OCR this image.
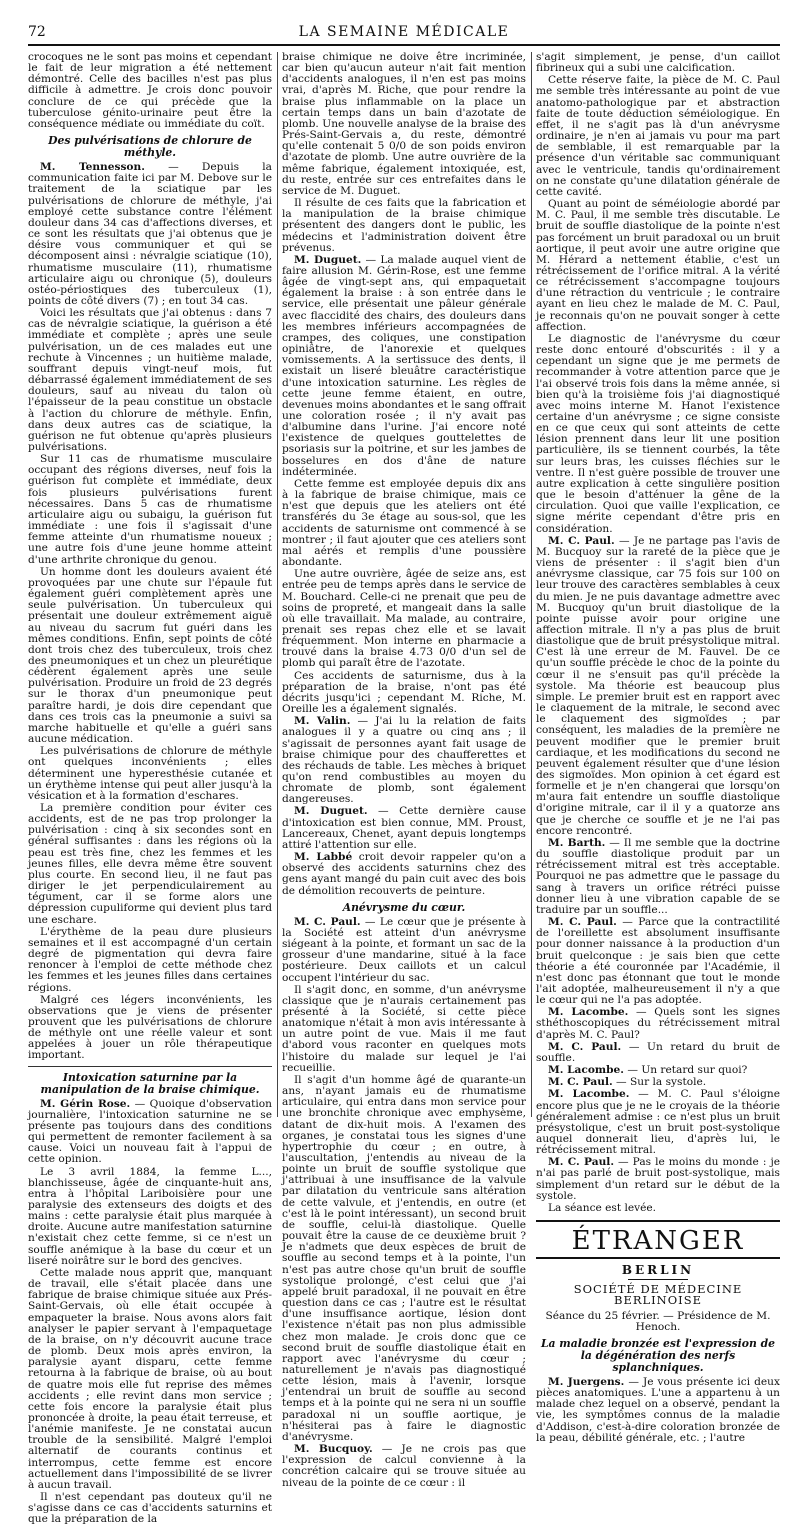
72	LA SEMAINE MÉDICALE

crocoques ne le sont pas moins et cependant le fait de leur migration a été nettement démontré. Celle des bacilles n'est pas plus difficile à admettre. Je crois donc pouvoir conclure de ce qui précède que la tuberculose génito-urinaire peut être la conséquence médiate ou immédiate du coït.

Des pulvérisations de chlorure de méthyle.

M. Tennesson. — Depuis la communication faite ici par M. Debove sur le traitement de la sciatique par les pulvérisations de chlorure de méthyle, j'ai employé cette substance contre l'élément douleur dans 34 cas d'affections diverses, et ce sont les résultats que j'ai obtenus que je désire vous communiquer et qui se décomposent ainsi : névralgie sciatique (10), rhumatisme musculaire (11), rhumatisme articulaire aigu ou chronique (5), douleurs ostéo-périostiques des tuberculeux (1), points de côté divers (7) ; en tout 34 cas.

Voici les résultats que j'ai obtenus : dans 7 cas de névralgie sciatique, la guérison a été immédiate et complète ; après une seule pulvérisation, un de ces malades eut une rechute à Vincennes ; un huitième malade, souffrant depuis vingt-neuf mois, fut débarrassé également immédiatement de ses douleurs, sauf au niveau du talon où l'épaisseur de la peau constitue un obstacle à l'action du chlorure de méthyle. Enfin, dans deux autres cas de sciatique, la guérison ne fut obtenue qu'après plusieurs pulvérisations.

Sur 11 cas de rhumatisme musculaire occupant des régions diverses, neuf fois la guérison fut complète et immédiate, deux fois plusieurs pulvérisations furent nécessaires. Dans 5 cas de rhumatisme articulaire aigu ou subaigu, la guérison fut immédiate : une fois il s'agissait d'une femme atteinte d'un rhumatisme noueux ; une autre fois d'une jeune homme atteint d'une arthrite chronique du genou.

Un homme dont les douleurs avaient été provoquées par une chute sur l'épaule fut également guéri complètement après une seule pulvérisation. Un tuberculeux qui présentait une douleur extrêmement aiguë au niveau du sacrum fut guéri dans les mêmes conditions. Enfin, sept points de côté dont trois chez des tuberculeux, trois chez des pneumoniques et un chez un pleurétique cédèrent également après une seule pulvérisation. Produire un froid de 23 degrés sur le thorax d'un pneumonique peut paraître hardi, je dois dire cependant que dans ces trois cas la pneumonie a suivi sa marche habituelle et qu'elle a guéri sans aucune médication.

Les pulvérisations de chlorure de méthyle ont quelques inconvénients ; elles déterminent une hyperesthésie cutanée et un érythème intense qui peut aller jusqu'à la vésication et à la formation d'eschares.

La première condition pour éviter ces accidents, est de ne pas trop prolonger la pulvérisation : cinq à six secondes sont en général suffisantes : dans les régions où la peau est très fine, chez les femmes et les jeunes filles, elle devra même être souvent plus courte. En second lieu, il ne faut pas diriger le jet perpendiculairement au tégument, car il se forme alors une dépression cupuliforme qui devient plus tard une eschare.

L'érythème de la peau dure plusieurs semaines et il est accompagné d'un certain degré de pigmentation qui devra faire renoncer à l'emploi de cette méthode chez les femmes et les jeunes filles dans certaines régions.

Malgré ces légers inconvénients, les observations que je viens de présenter prouvent que les pulvérisations de chlorure de méthyle ont une réelle valeur et sont appelées à jouer un rôle thérapeutique important.

Intoxication saturnine par la manipulation de la braise chimique.

M. Gérin Rose. — Quoique d'observation journalière, l'intoxication saturnine ne se présente pas toujours dans des conditions qui permettent de remonter facilement à sa cause. Voici un nouveau fait à l'appui de cette opinion.

Le 3 avril 1884, la femme L..., blanchisseuse, âgée de cinquante-huit ans, entra à l'hôpital Lariboisière pour une paralysie des extenseurs des doigts et des mains : cette paralysie était plus marquée à droite. Aucune autre manifestation saturnine n'existait chez cette femme, si ce n'est un souffle anémique à la base du cœur et un liseré noirâtre sur le bord des gencives.

Cette malade nous apprit que, manquant de travail, elle s'était placée dans une fabrique de braise chimique située aux Prés-Saint-Gervais, où elle était occupée à empaqueter la braise. Nous avons alors fait analyser le papier servant à l'empaquetage de la braise, on n'y découvrit aucune trace de plomb. Deux mois après environ, la paralysie ayant disparu, cette femme retourna à la fabrique de braise, où au bout de quatre mois elle fut reprise des mêmes accidents ; elle revint dans mon service ; cette fois encore la paralysie était plus prononcée à droite, la peau était terreuse, et l'anémie manifeste. Je ne constatai aucun trouble de la sensibilité. Malgré l'emploi alternatif de courants continus et interrompus, cette femme est encore actuellement dans l'impossibilité de se livrer à aucun travail.

Il n'est cependant pas douteux qu'il ne s'agisse dans ce cas d'accidents saturnins et que la préparation de la

braise chimique ne doive être incriminée, car bien qu'aucun auteur n'ait fait mention d'accidents analogues, il n'en est pas moins vrai, d'après M. Riche, que pour rendre la braise plus inflammable on la place un certain temps dans un bain d'azotate de plomb. Une nouvelle analyse de la braise des Prés-Saint-Gervais a, du reste, démontré qu'elle contenait 5 0/0 de son poids environ d'azotate de plomb. Une autre ouvrière de la même fabrique, également intoxiquée, est, du reste, entrée sur ces entrefaites dans le service de M. Duguet.

Il résulte de ces faits que la fabrication et la manipulation de la braise chimique présentent des dangers dont le public, les médecins et l'administration doivent être prévenus.

M. Duguet. — La malade auquel vient de faire allusion M. Gérin-Rose, est une femme âgée de vingt-sept ans, qui empaquetait également la braise : à son entrée dans le service, elle présentait une pâleur générale avec flaccidité des chairs, des douleurs dans les membres inférieurs accompagnées de crampes, des coliques, une constipation opiniâtre, de l'anorexie et quelques vomissements. A la sertissuce des dents, il existait un liseré bleuâtre caractéristique d'une intoxication saturnine. Les règles de cette jeune femme étaient, en outre, devenues moins abondantes et le sang offrait une coloration rosée ; il n'y avait pas d'albumine dans l'urine. J'ai encore noté l'existence de quelques gouttelettes de psoriasis sur la poitrine, et sur les jambes de bosselures en dos d'âne de nature indéterminée.

Cette femme est employée depuis dix ans à la fabrique de braise chimique, mais ce n'est que depuis que les ateliers ont été transférés du 3e étage au sous-sol, que les accidents de saturnisme ont commencé à se montrer ; il faut ajouter que ces ateliers sont mal aérés et remplis d'une poussière abondante.

Une autre ouvrière, âgée de seize ans, est entrée peu de temps après dans le service de M. Bouchard. Celle-ci ne prenait que peu de soins de propreté, et mangeait dans la salle où elle travaillait. Ma malade, au contraire, prenait ses repas chez elle et se lavait fréquemment. Mon interne en pharmacie a trouvé dans la braise 4.73 0/0 d'un sel de plomb qui paraît être de l'azotate.

Ces accidents de saturnisme, dus à la préparation de la braise, n'ont pas été décrits jusqu'ici ; cependant M. Riche, M. Oreille les a également signalés.

M. Valin. — J'ai lu la relation de faits analogues il y a quatre ou cinq ans ; il s'agissait de personnes ayant fait usage de braise chimique pour des chaufferettes et des réchauds de table. Les mèches à briquet qu'on rend combustibles au moyen du chromate de plomb, sont également dangereuses.

M. Duguet. — Cette dernière cause d'intoxication est bien connue, MM. Proust, Lancereaux, Chenet, ayant depuis longtemps attiré l'attention sur elle.

M. Labbé croit devoir rappeler qu'on a observé des accidents saturnins chez des gens ayant mangé du pain cuit avec des bois de démolition recouverts de peinture.

Anévrysme du cœur.

M. C. Paul. — Le cœur que je présente à la Société est atteint d'un anévrysme siégeant à la pointe, et formant un sac de la grosseur d'une mandarine, situé à la face postérieure. Deux caillots et un calcul occupent l'intérieur du sac.

Il s'agit donc, en somme, d'un anévrysme classique que je n'aurais certainement pas présenté à la Société, si cette pièce anatomique n'était à mon avis intéressante à un autre point de vue. Mais il me faut d'abord vous raconter en quelques mots l'histoire du malade sur lequel je l'ai recueillie.

Il s'agit d'un homme âgé de quarante-un ans, n'ayant jamais eu de rhumatisme articulaire, qui entra dans mon service pour une bronchite chronique avec emphysème, datant de dix-huit mois. A l'examen des organes, je constatai tous les signes d'une hypertrophie du cœur ; en outre, à l'auscultation, j'entendis au niveau de la pointe un bruit de souffle systolique que j'attribuai à une insuffisance de la valvule par dilatation du ventricule sans altération de cette valvule, et j'entendis, en outre (et c'est là le point intéressant), un second bruit de souffle, celui-là diastolique. Quelle pouvait être la cause de ce deuxième bruit ? Je n'admets que deux espèces de bruit de souffle au second temps et à la pointe, l'un n'est pas autre chose qu'un bruit de souffle systolique prolongé, c'est celui que j'ai appelé bruit paradoxal, il ne pouvait en être question dans ce cas ; l'autre est le résultat d'une insuffisance aortique, lésion dont l'existence n'était pas non plus admissible chez mon malade. Je crois donc que ce second bruit de souffle diastolique était en rapport avec l'anévrysme du cœur ; naturellement je n'avais pas diagnostiqué cette lésion, mais à l'avenir, lorsque j'entendrai un bruit de souffle au second temps et à la pointe qui ne sera ni un souffle paradoxal ni un souffle aortique, je n'hésiterai pas à faire le diagnostic d'anévrysme.

M. Bucquoy. — Je ne crois pas que l'expression de calcul convienne à la concrétion calcaire qui se trouve située au niveau de la pointe de ce cœur : il

s'agit simplement, je pense, d'un caillot fibrineux qui a subi une calcification.

Cette réserve faite, la pièce de M. C. Paul me semble très intéressante au point de vue anatomo-pathologique par et abstraction faite de toute déduction séméiologique. En effet, il ne s'agit pas là d'un anévrysme ordinaire, je n'en ai jamais vu pour ma part de semblable, il est remarquable par la présence d'un véritable sac communiquant avec le ventricule, tandis qu'ordinairement on ne constate qu'une dilatation générale de cette cavité.

Quant au point de séméiologie abordé par M. C. Paul, il me semble très discutable. Le bruit de souffle diastolique de la pointe n'est pas forcément un bruit paradoxal ou un bruit aortique, il peut avoir une autre origine que M. Hérard a nettement établie, c'est un rétrécissement de l'orifice mitral. A la vérité ce rétrécissement s'accompagne toujours d'une rétraction du ventricule ; le contraire ayant en lieu chez le malade de M. C. Paul, je reconnais qu'on ne pouvait songer à cette affection.

Le diagnostic de l'anévrysme du cœur reste donc entouré d'obscurités : il y a cependant un signe que je me permets de recommander à votre attention parce que je l'ai observé trois fois dans la même année, si bien qu'à la troisième fois j'ai diagnostiqué avec moins interne M. Hanot l'existence certaine d'un anévrysme ; ce signe consiste en ce que ceux qui sont atteints de cette lésion prennent dans leur lit une position particulière, ils se tiennent courbés, la tête sur leurs bras, les cuisses fléchies sur le ventre. Il n'est guère possible de trouver une autre explication à cette singulière position que le besoin d'atténuer la gêne de la circulation. Quoi que vaille l'explication, ce signe mérite cependant d'être pris en considération.

M. C. Paul. — Je ne partage pas l'avis de M. Bucquoy sur la rareté de la pièce que je viens de présenter : il s'agit bien d'un anévrysme classique, car 75 fois sur 100 on leur trouve des caractères semblables à ceux du mien. Je ne puis davantage admettre avec M. Bucquoy qu'un bruit diastolique de la pointe puisse avoir pour origine une affection mitrale. Il n'y a pas plus de bruit diastolique que de bruit présystolique mitral. C'est là une erreur de M. Fauvel. De ce qu'un souffle précède le choc de la pointe du cœur il ne s'ensuit pas qu'il précède la systole. Ma théorie est beaucoup plus simple. Le premier bruit est en rapport avec le claquement de la mitrale, le second avec le claquement des sigmoïdes ; par conséquent, les maladies de la première ne peuvent modifier que le premier bruit cardiaque, et les modifications du second ne peuvent également résulter que d'une lésion des sigmoïdes. Mon opinion à cet égard est formelle et je n'en changerai que lorsqu'on m'aura fait entendre un souffle diastolique d'origine mitrale, car il il y a quatorze ans que je cherche ce souffle et je ne l'ai pas encore rencontré.

M. Barth. — Il me semble que la doctrine du souffle diastolique produit par un rétrécissement mitral est très acceptable. Pourquoi ne pas admettre que le passage du sang à travers un orifice rétréci puisse donner lieu à une vibration capable de se traduire par un souffle...

M. C. Paul. — Parce que la contractilité de l'oreillette est absolument insuffisante pour donner naissance à la production d'un bruit quelconque : je sais bien que cette théorie a été couronnée par l'Académie, il n'est donc pas étonnant que tout le monde l'ait adoptée, malheureusement il n'y a que le cœur qui ne l'a pas adoptée.

M. Lacombe. — Quels sont les signes sthéthoscopiques du rétrécissement mitral d'après M. C. Paul?

M. C. Paul. — Un retard du bruit de souffle.

M. Lacombe. — Un retard sur quoi?

M. C. Paul. — Sur la systole.

M. Lacombe. — M. C. Paul s'éloigne encore plus que je ne le croyais de la théorie généralement admise : ce n'est plus un bruit présystolique, c'est un bruit post-systolique auquel donnerait lieu, d'après lui, le rétrécissement mitral.

M. C. Paul. — Pas le moins du monde : je n'ai pas parlé de bruit post-systolique, mais simplement d'un retard sur le début de la systole.

La séance est levée.

ÉTRANGER
BERLIN
SOCIÉTÉ DE MÉDECINE BERLINOISE
Séance du 25 février. — Présidence de M. Henoch.
La maladie bronzée est l'expression de la dégénération des nerfs splanchniques.

M. Juergens. — Je vous présente ici deux pièces anatomiques. L'une a appartenu à un malade chez lequel on a observé, pendant la vie, les symptômes connus de la maladie d'Addison, c'est-à-dire coloration bronzée de la peau, débilité générale, etc. ; l'autre
